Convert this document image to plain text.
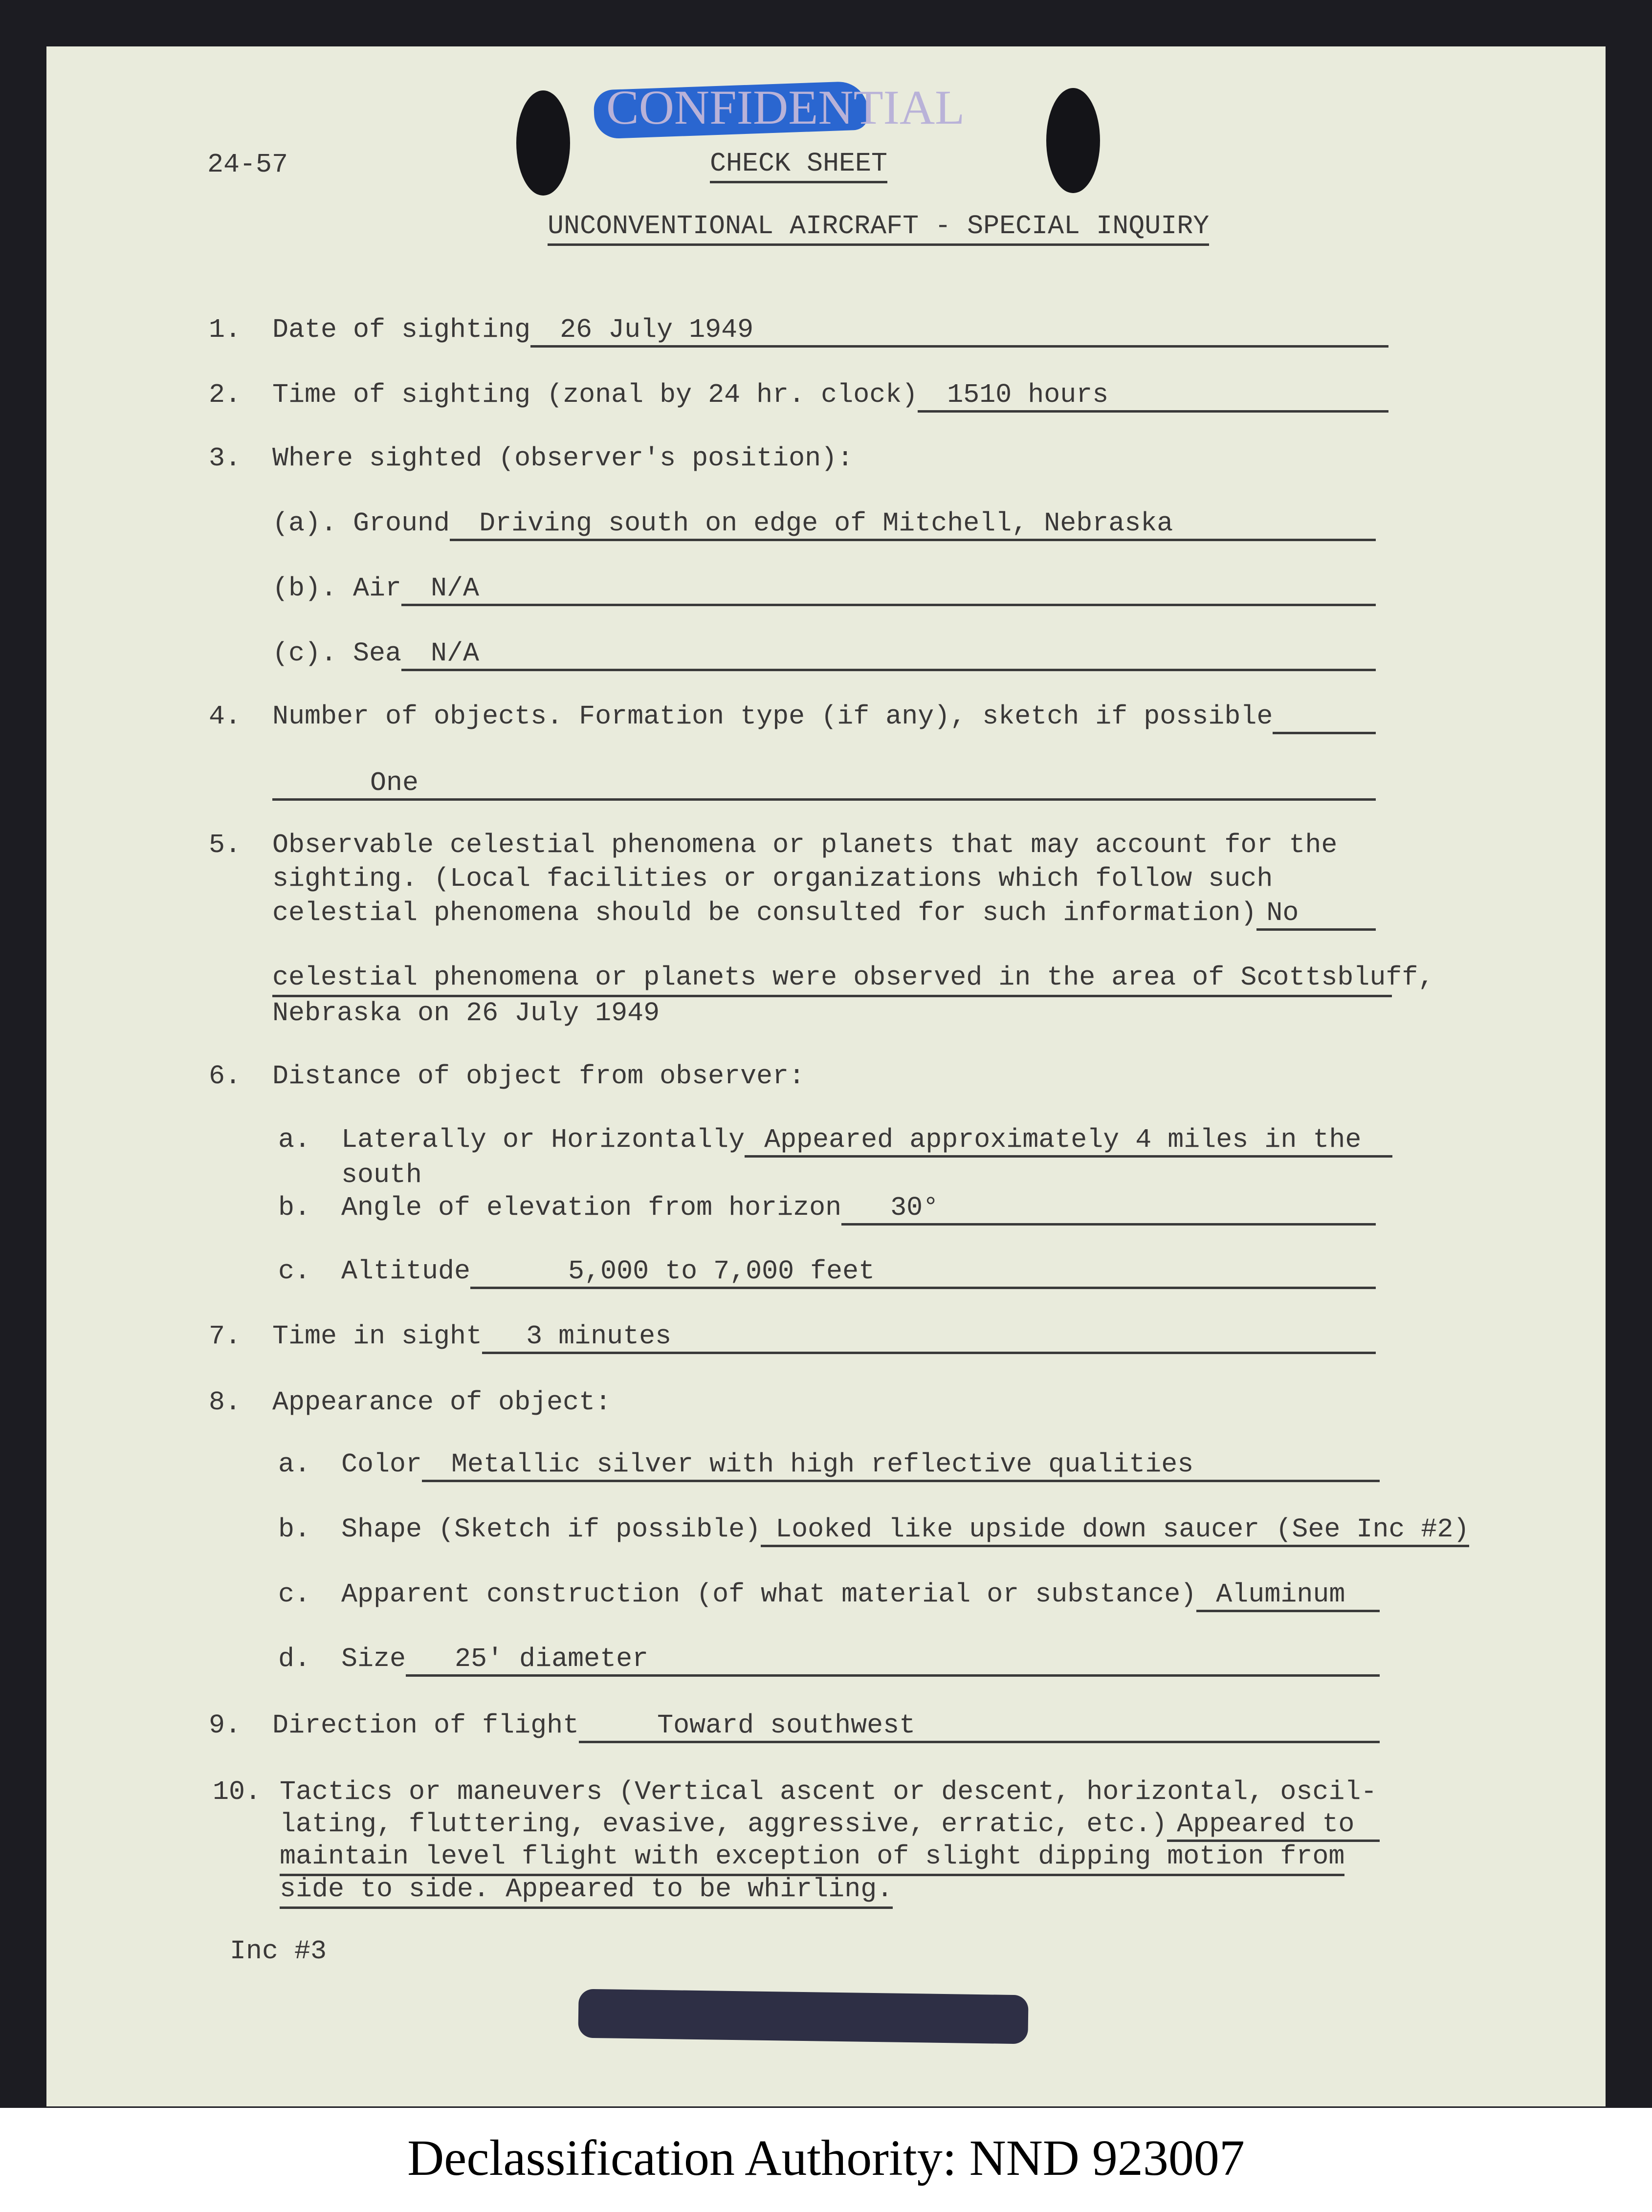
CONFIDENTIAL
24-57	CHECK SHEET
UNCONVENTIONAL AIRCRAFT - SPECIAL INQUIRY
1. Date of sighting	26 July 1949
2. Time of sighting (zonal by 24 hr. clock)	1510 hours
3. Where sighted (observer's position):
(a). Ground	Driving south on edge of Mitchell, Nebraska
(b). Air	N/A
(c). Sea	N/A
4. Number of objects. Formation type (if any), sketch if possible
One
5. Observable celestial phenomena or planets that may account for the
sighting. (Local facilities or organizations which follow such
celestial phenomena should be consulted for such information) No
celestial phenomena or planets were observed in the area of Scottsbluff,
Nebraska on 26 July 1949
6. Distance of object from observer:
a. Laterally or Horizontally Appeared approximately 4 miles in the
south
b. Angle of elevation from horizon	30°
c. Altitude	5,000 to 7,000 feet
7. Time in sight	3 minutes
8. Appearance of object:
a. Color	Metallic silver with high reflective qualities
b. Shape (Sketch if possible) Looked like upside down saucer (See Inc #2)
c. Apparent construction (of what material or substance) Aluminum
d. Size	25' diameter
9. Direction of flight	Toward southwest
10. Tactics or maneuvers (Vertical ascent or descent, horizontal, oscil-
lating, fluttering, evasive, aggressive, erratic, etc.) Appeared to
maintain level flight with exception of slight dipping motion from
side to side. Appeared to be whirling.
Inc #3
Declassification Authority: NND 923007
